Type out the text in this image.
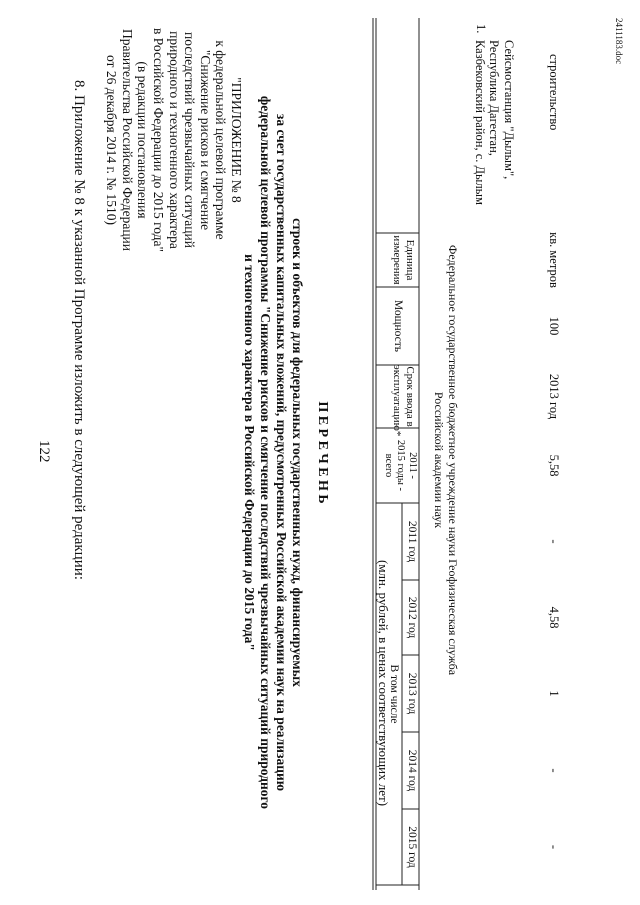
122 8. Приложение № 8 к указанной Программе изложить в следующей редакции:	"ПРИЛОЖЕНИЕ № 8
к федеральной целевой программе
"Снижение рисков и смягчение
последствий чрезвычайных ситуаций
природного и техногенного характера
в Российской Федерации до 2015 года"
(в редакции постановления
Правительства Российской Федерации
от 26 декабря 2014 г. № 1510)
П Е Р Е Ч Е Н Ь
строек и объектов для федеральных государственных нужд, финансируемых
за счет государственных капитальных вложений, предусмотренных Российской академии наук на реализацию
федеральной целевой программы "Снижение рисков и смягчение последствий чрезвычайных ситуаций природного
и техногенного характера в Российской Федерации до 2015 года"
(млн. рублей, в ценах соответствующих лет)
Единица
измерения
Мощность
Срок ввода в
эксплуатацию*
2011 -
2015 годы -
всего
В том числе
2011 год
2012 год
2013 год
2014 год
2015 год
Федеральное государственное бюджетное учреждение науки Геофизическая служба
Российской академии наук
1.
Сейсмостанция "Дылым",
Республика Дагестан,
Казбековский район, с. Дылым	строительство
кв. метров
100
2013 год
5,58
-
4,58
1
-
-
2411183.doc
